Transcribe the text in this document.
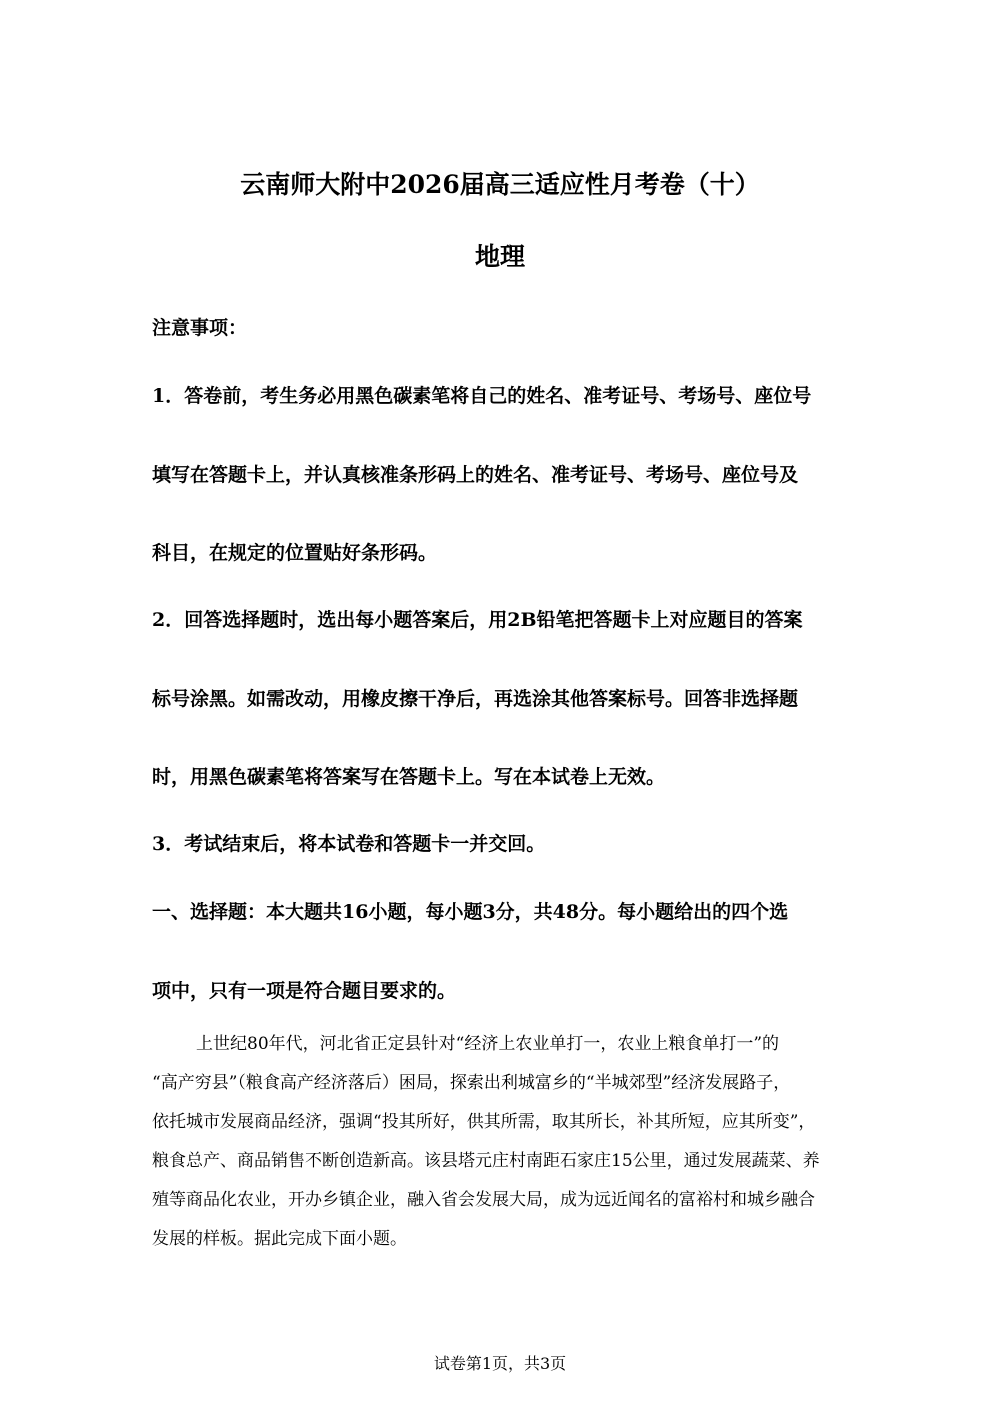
云南师大附中2026届高三适应性月考卷（十）
地理
注意事项：
1．答卷前，考生务必用黑色碳素笔将自己的姓名、准考证号、考场号、座位号
填写在答题卡上，并认真核准条形码上的姓名、准考证号、考场号、座位号及
科目，在规定的位置贴好条形码。
2．回答选择题时，选出每小题答案后，用2B铅笔把答题卡上对应题目的答案
标号涂黑。如需改动，用橡皮擦干净后，再选涂其他答案标号。回答非选择题
时，用黑色碳素笔将答案写在答题卡上。写在本试卷上无效。
3．考试结束后，将本试卷和答题卡一并交回。
一、选择题：本大题共16小题，每小题3分，共48分。每小题给出的四个选
项中，只有一项是符合题目要求的。
上世纪80年代，河北省正定县针对“经济上农业单打一，农业上粮食单打一”的
“高产穷县”（粮食高产经济落后）困局，探索出利城富乡的“半城郊型”经济发展路子，
依托城市发展商品经济，强调“投其所好，供其所需，取其所长，补其所短，应其所变”，
粮食总产、商品销售不断创造新高。该县塔元庄村南距石家庄15公里，通过发展蔬菜、养
殖等商品化农业，开办乡镇企业，融入省会发展大局，成为远近闻名的富裕村和城乡融合
发展的样板。据此完成下面小题。
试卷第1页，共3页
